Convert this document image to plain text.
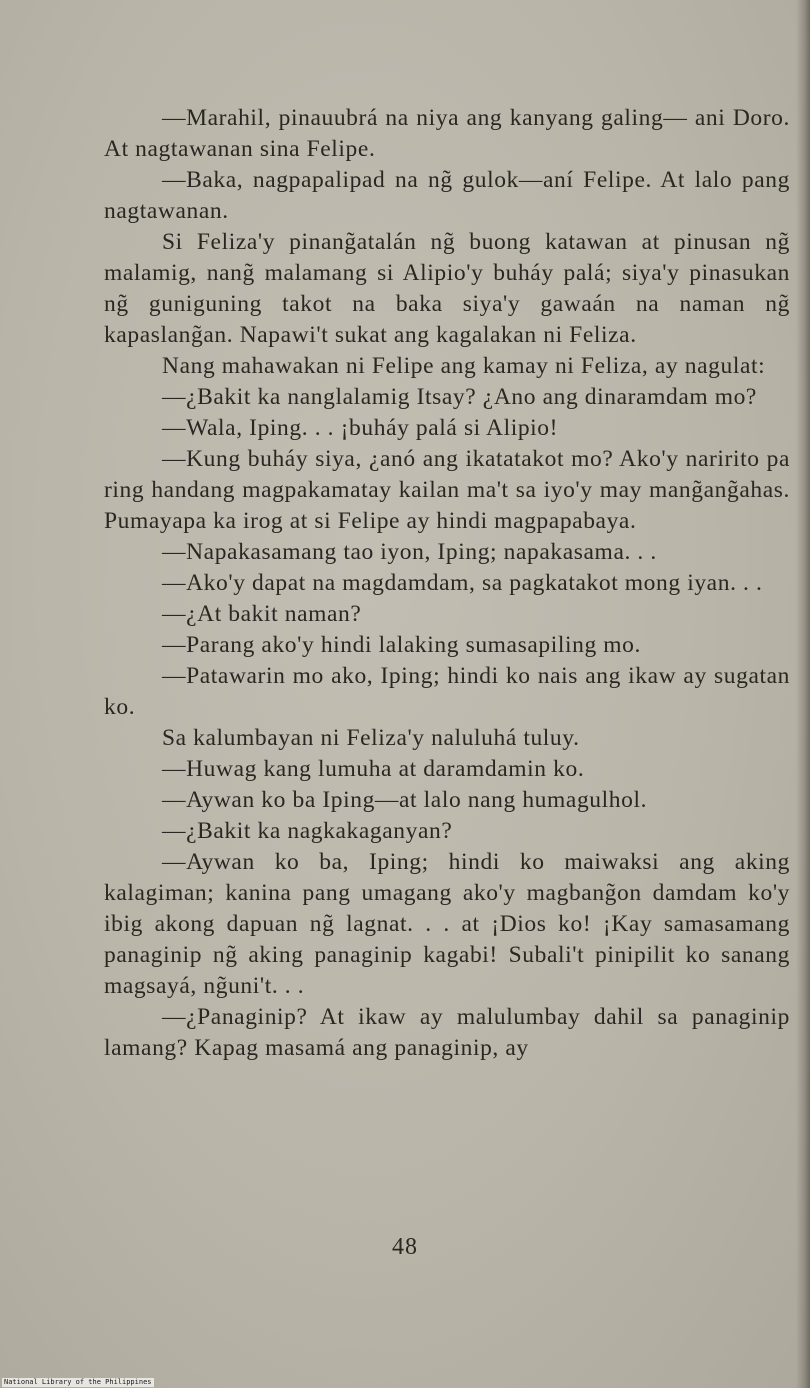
—Marahil, pinauubrá na niya ang kanyang galing— ani Doro. At nagtawanan sina Felipe.

—Baka, nagpapalipad na ng̃ gulok—aní Felipe. At lalo pang nagtawanan.

Si Feliza'y pinang̃atalán ng̃ buong katawan at pinusan ng̃ malamig, nang̃ malamang si Alipio'y buháy palá; siya'y pinasukan ng̃ guniguning takot na baka siya'y gawaán na naman ng̃ kapaslang̃an. Napawi't sukat ang kagalakan ni Feliza.

Nang mahawakan ni Felipe ang kamay ni Feliza, ay nagulat:

—¿Bakit ka nanglalamig Itsay? ¿Ano ang dinaramdam mo?

—Wala, Iping. . . ¡buháy palá si Alipio!

—Kung buháy siya, ¿anó ang ikatatakot mo? Ako'y naririto pa ring handang magpakamatay kailan ma't sa iyo'y may mang̃ang̃ahas. Pumayapa ka irog at si Felipe ay hindi magpapabaya.

—Napakasamang tao iyon, Iping; napakasama. . .

—Ako'y dapat na magdamdam, sa pagkatakot mong iyan. . .

—¿At bakit naman?

—Parang ako'y hindi lalaking sumasapiling mo.

—Patawarin mo ako, Iping; hindi ko nais ang ikaw ay sugatan ko.

Sa kalumbayan ni Feliza'y naluluhá tuluy.

—Huwag kang lumuha at daramdamin ko.

—Aywan ko ba Iping—at lalo nang humagulhol.

—¿Bakit ka nagkakaganyan?

—Aywan ko ba, Iping; hindi ko maiwaksi ang aking kalagiman; kanina pang umagang ako'y magbang̃on damdam ko'y ibig akong dapuan ng̃ lagnat. . . at ¡Dios ko! ¡Kay samasamang panaginip ng̃ aking panaginip kagabi! Subali't pinipilit ko sanang magsayá, ng̃uni't. . .

—¿Panaginip? At ikaw ay malulumbay dahil sa panaginip lamang? Kapag masamá ang panaginip, ay

48
National Library of the Philippines
